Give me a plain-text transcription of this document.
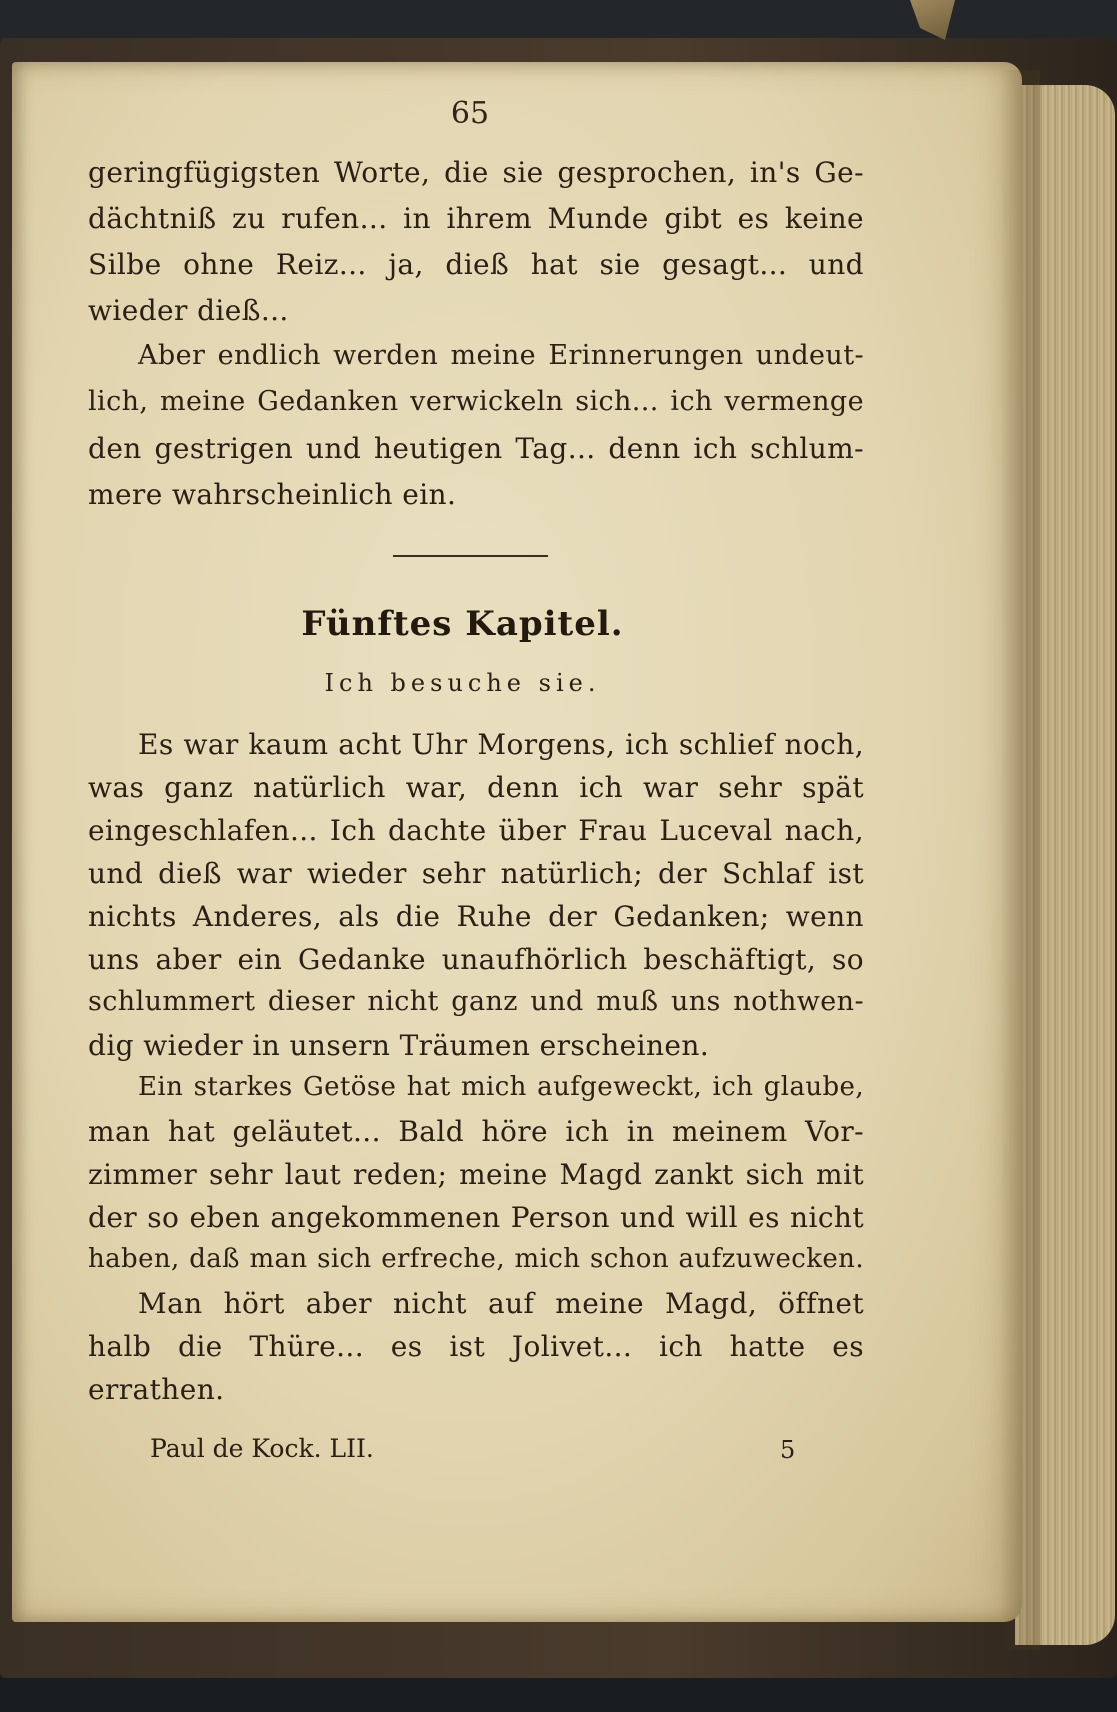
65
geringfügigsten Worte, die sie gesprochen, in's Ge-
dächtniß zu rufen... in ihrem Munde gibt es keine
Silbe ohne Reiz... ja, dieß hat sie gesagt... und
wieder dieß...
Aber endlich werden meine Erinnerungen undeut-
lich, meine Gedanken verwickeln sich... ich vermenge
den gestrigen und heutigen Tag... denn ich schlum-
mere wahrscheinlich ein.
Fünftes Kapitel.
Ich besuche sie.
Es war kaum acht Uhr Morgens, ich schlief noch,
was ganz natürlich war, denn ich war sehr spät
eingeschlafen... Ich dachte über Frau Luceval nach,
und dieß war wieder sehr natürlich; der Schlaf ist
nichts Anderes, als die Ruhe der Gedanken; wenn
uns aber ein Gedanke unaufhörlich beschäftigt, so
schlummert dieser nicht ganz und muß uns nothwen-
dig wieder in unsern Träumen erscheinen.
Ein starkes Getöse hat mich aufgeweckt, ich glaube,
man hat geläutet... Bald höre ich in meinem Vor-
zimmer sehr laut reden; meine Magd zankt sich mit
der so eben angekommenen Person und will es nicht
haben, daß man sich erfreche, mich schon aufzuwecken.
Man hört aber nicht auf meine Magd, öffnet
halb die Thüre... es ist Jolivet... ich hatte es
errathen.
Paul de Kock. LII.	5
